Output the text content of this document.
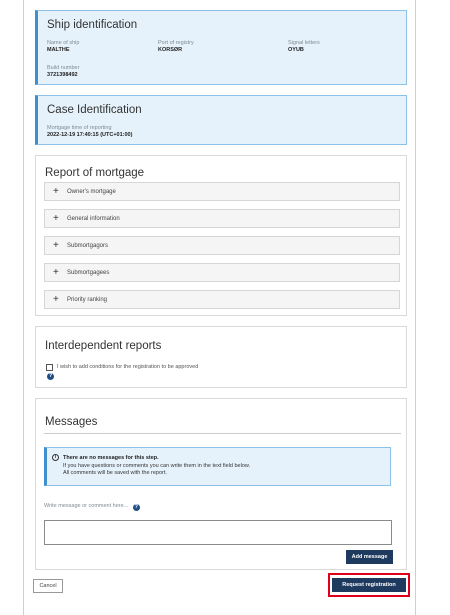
Ship identification
Name of ship
MALTHE
Port of registry
KORSØR
Signal letters
OYUB
Build number
3721398492
Case Identification
Mortgage time of reporting
2022-12-19 17:40:15 (UTC+01:00)
Report of mortgage
+ Owner's mortgage
+ General information
+ Submortgagors
+ Submortgagees
+ Priority ranking
Interdependent reports
I wish to add conditions for the registration to be approved
?
Messages
i	There are no messages for this step.
If you have questions or comments you can write them in the text field below.
All comments will be saved with the report.
Write message or comment here... ?
Add message
Cancel	Request registration
